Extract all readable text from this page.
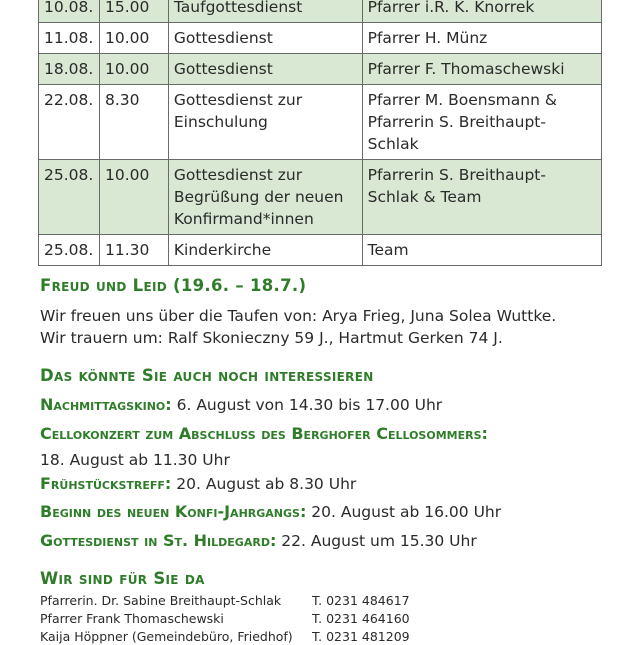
10.08.	15.00	Taufgottesdienst	Pfarrer i.R. K. Knorrek
11.08.	10.00	Gottesdienst	Pfarrer H. Münz
18.08.	10.00	Gottesdienst	Pfarrer F. Thomaschewski
22.08.	8.30	Gottesdienst zur Einschulung	Pfarrer M. Boensmann & Pfarrerin S. Breithaupt-Schlak
25.08.	10.00	Gottesdienst zur Begrüßung der neuen Konfirmand*innen	Pfarrerin S. Breithaupt-Schlak & Team
25.08.	11.30	Kinderkirche	Team
Freud und Leid (19.6. – 18.7.)

Wir freuen uns über die Taufen von: Arya Frieg, Juna Solea Wuttke.

Wir trauern um: Ralf Skonieczny 59 J., Hartmut Gerken 74 J.

Das könnte Sie auch noch interessieren
Nachmittagskino: 6. August von 14.30 bis 17.00 Uhr
Cellokonzert zum Abschluss des Berghofer Cellosommers:
18. August ab 11.30 Uhr
Frühstückstreff: 20. August ab 8.30 Uhr
Beginn des neuen Konfi-Jahrgangs: 20. August ab 16.00 Uhr
Gottesdienst in St. Hildegard: 22. August um 15.30 Uhr
Wir sind für Sie da
Pfarrerin. Dr. Sabine Breithaupt-Schlak T. 0231 484617
Pfarrer Frank Thomaschewski	T. 0231 464160
Kaija Höppner (Gemeindebüro, Friedhof) T. 0231 481209
